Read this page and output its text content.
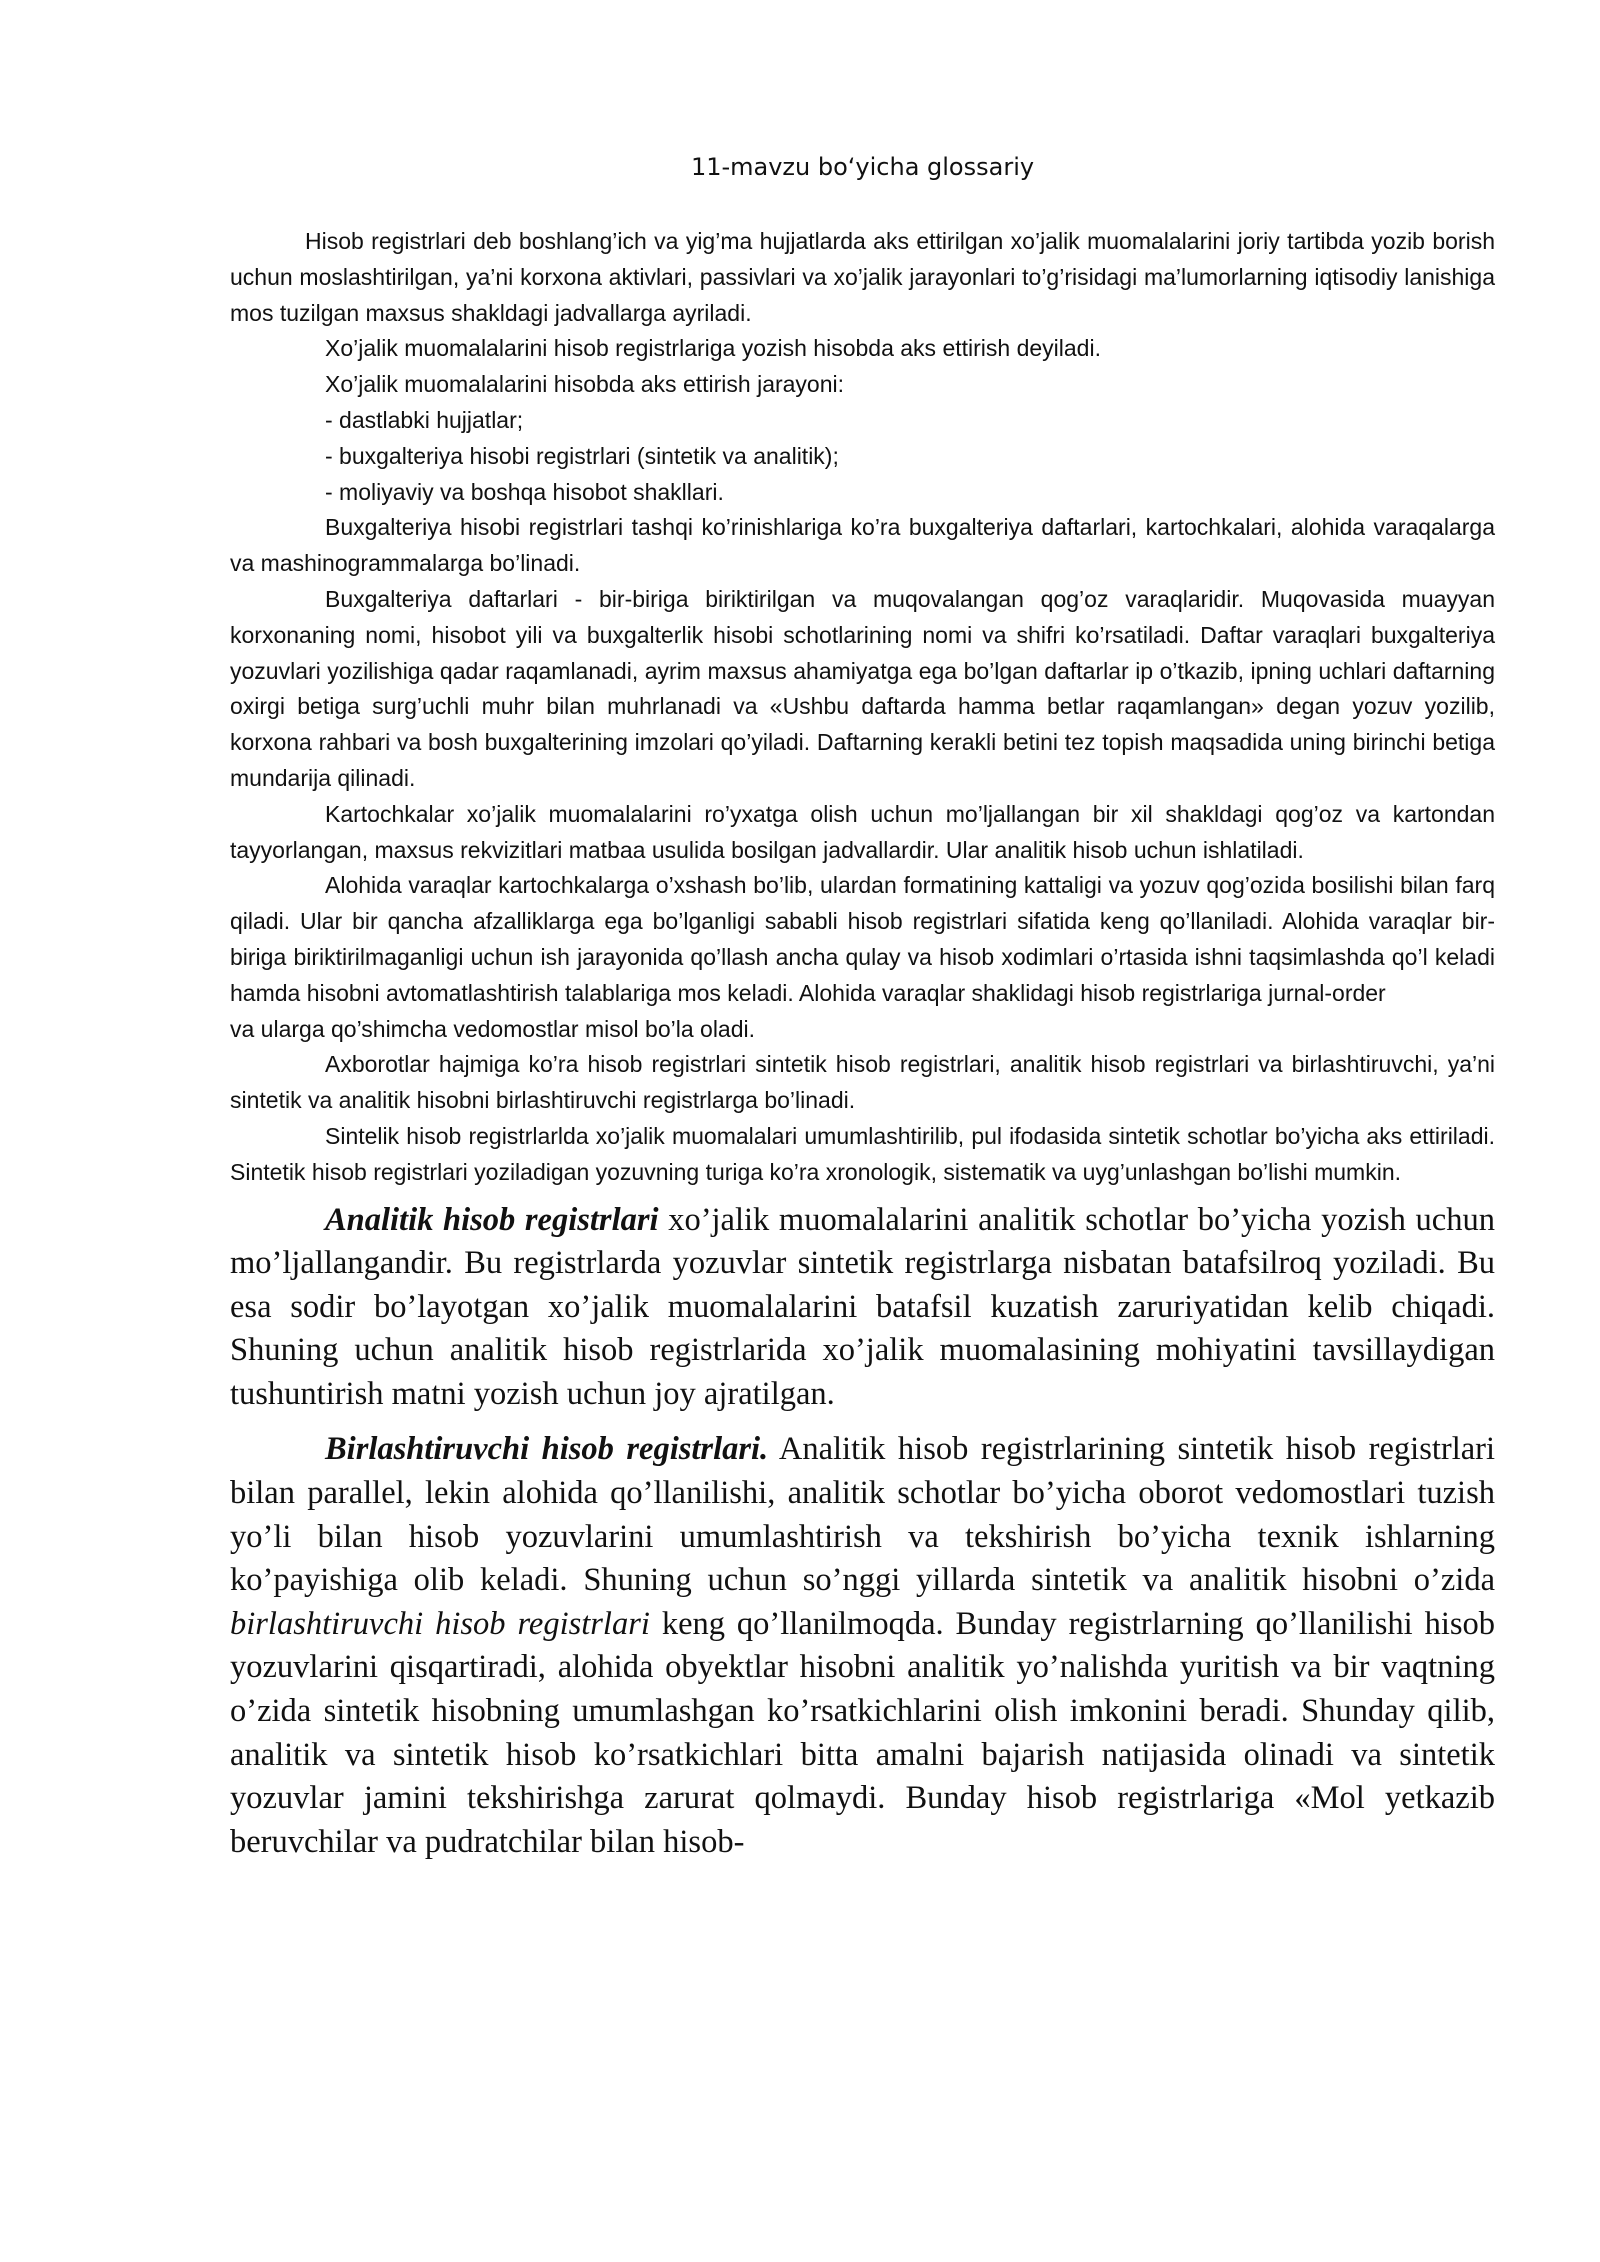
11-mavzu bo‘yicha glossariy

Hisob registrlari deb boshlang’ich va yig’ma hujjatlarda aks ettirilgan xo’jalik muomalalarini joriy tartibda yozib borish uchun moslashtirilgan, ya’ni korxona aktivlari, passivlari va xo’jalik jarayonlari to’g’risidagi ma’lumorlarning iqtisodiy lanishiga mos tuzilgan maxsus shakldagi jadvallarga ayriladi.

Xo’jalik muomalalarini hisob registrlariga yozish hisobda aks ettirish deyiladi.

Xo’jalik muomalalarini hisobda aks ettirish jarayoni:

- dastlabki hujjatlar;

- buxgalteriya hisobi registrlari (sintetik va analitik);

- moliyaviy va boshqa hisobot shakllari.

Buxgalteriya hisobi registrlari tashqi ko’rinishlariga ko’ra buxgalteriya daftarlari, kartochkalari, alohida varaqalarga va mashinogrammalarga bo’linadi.

Buxgalteriya daftarlari - bir-biriga biriktirilgan va muqovalangan qog’oz varaqlaridir. Muqovasida muayyan korxonaning nomi, hisobot yili va buxgalterlik hisobi schotlarining nomi va shifri ko’rsatiladi. Daftar varaqlari buxgalteriya yozuvlari yozilishiga qadar raqamlanadi, ayrim maxsus ahamiyatga ega bo’lgan daftarlar ip o’tkazib, ipning uchlari daftarning oxirgi betiga surg’uchli muhr bilan muhrlanadi va «Ushbu daftarda hamma betlar raqamlangan» degan yozuv yozilib, korxona rahbari va bosh buxgalterining imzolari qo’yiladi. Daftarning kerakli betini tez topish maqsadida uning birinchi betiga mundarija qilinadi.

Kartochkalar xo’jalik muomalalarini ro’yxatga olish uchun mo’ljallangan bir xil shakldagi qog’oz va kartondan tayyorlangan, maxsus rekvizitlari matbaa usulida bosilgan jadvallardir. Ular analitik hisob uchun ishlatiladi.

Alohida varaqlar kartochkalarga o’xshash bo’lib, ulardan formatining kattaligi va yozuv qog’ozida bosilishi bilan farq qiladi. Ular bir qancha afzalliklarga ega bo’lganligi sababli hisob registrlari sifatida keng qo’llaniladi. Alohida varaqlar bir-biriga biriktirilmaganligi uchun ish jarayonida qo’llash ancha qulay va hisob xodimlari o’rtasida ishni taqsimlashda qo’l keladi hamda hisobni avtomatlashtirish talablariga mos keladi. Alohida varaqlar shaklidagi hisob registrlariga jurnal-order

va ularga qo’shimcha vedomostlar misol bo’la oladi.

Axborotlar hajmiga ko’ra hisob registrlari sintetik hisob registrlari, analitik hisob registrlari va birlashtiruvchi, ya’ni sintetik va analitik hisobni birlashtiruvchi registrlarga bo’linadi.

Sintelik hisob registrlarlda xo’jalik muomalalari umumlashtirilib, pul ifodasida sintetik schotlar bo’yicha aks ettiriladi. Sintetik hisob registrlari yoziladigan yozuvning turiga ko’ra xronologik, sistematik va uyg’unlashgan bo’lishi mumkin.

Analitik hisob registrlari xo’jalik muomalalarini analitik schotlar bo’yicha yozish uchun mo’ljallangandir. Bu registrlarda yozuvlar sintetik registrlarga nisbatan batafsilroq yoziladi. Bu esa sodir bo’layotgan xo’jalik muomalalarini batafsil kuzatish zaruriyatidan kelib chiqadi. Shuning uchun analitik hisob registrlarida xo’jalik muomalasining mohiyatini tavsillaydigan tushuntirish matni yozish uchun joy ajratilgan.

Birlashtiruvchi hisob registrlari. Analitik hisob registrlarining sintetik hisob registrlari bilan parallel, lekin alohida qo’llanilishi, analitik schotlar bo’yicha oborot vedomostlari tuzish yo’li bilan hisob yozuvlarini umumlashtirish va tekshirish bo’yicha texnik ishlarning ko’payishiga olib keladi. Shuning uchun so’nggi yillarda sintetik va analitik hisobni o’zida birlashtiruvchi hisob registrlari keng qo’llanilmoqda. Bunday registrlarning qo’llanilishi hisob yozuvlarini qisqartiradi, alohida obyektlar hisobni analitik yo’nalishda yuritish va bir vaqtning o’zida sintetik hisobning umumlashgan ko’rsatkichlarini olish imkonini beradi. Shunday qilib, analitik va sintetik hisob ko’rsatkichlari bitta amalni bajarish natijasida olinadi va sintetik yozuvlar jamini tekshirishga zarurat qolmaydi. Bunday hisob registrlariga «Mol yetkazib beruvchilar va pudratchilar bilan hisob-
